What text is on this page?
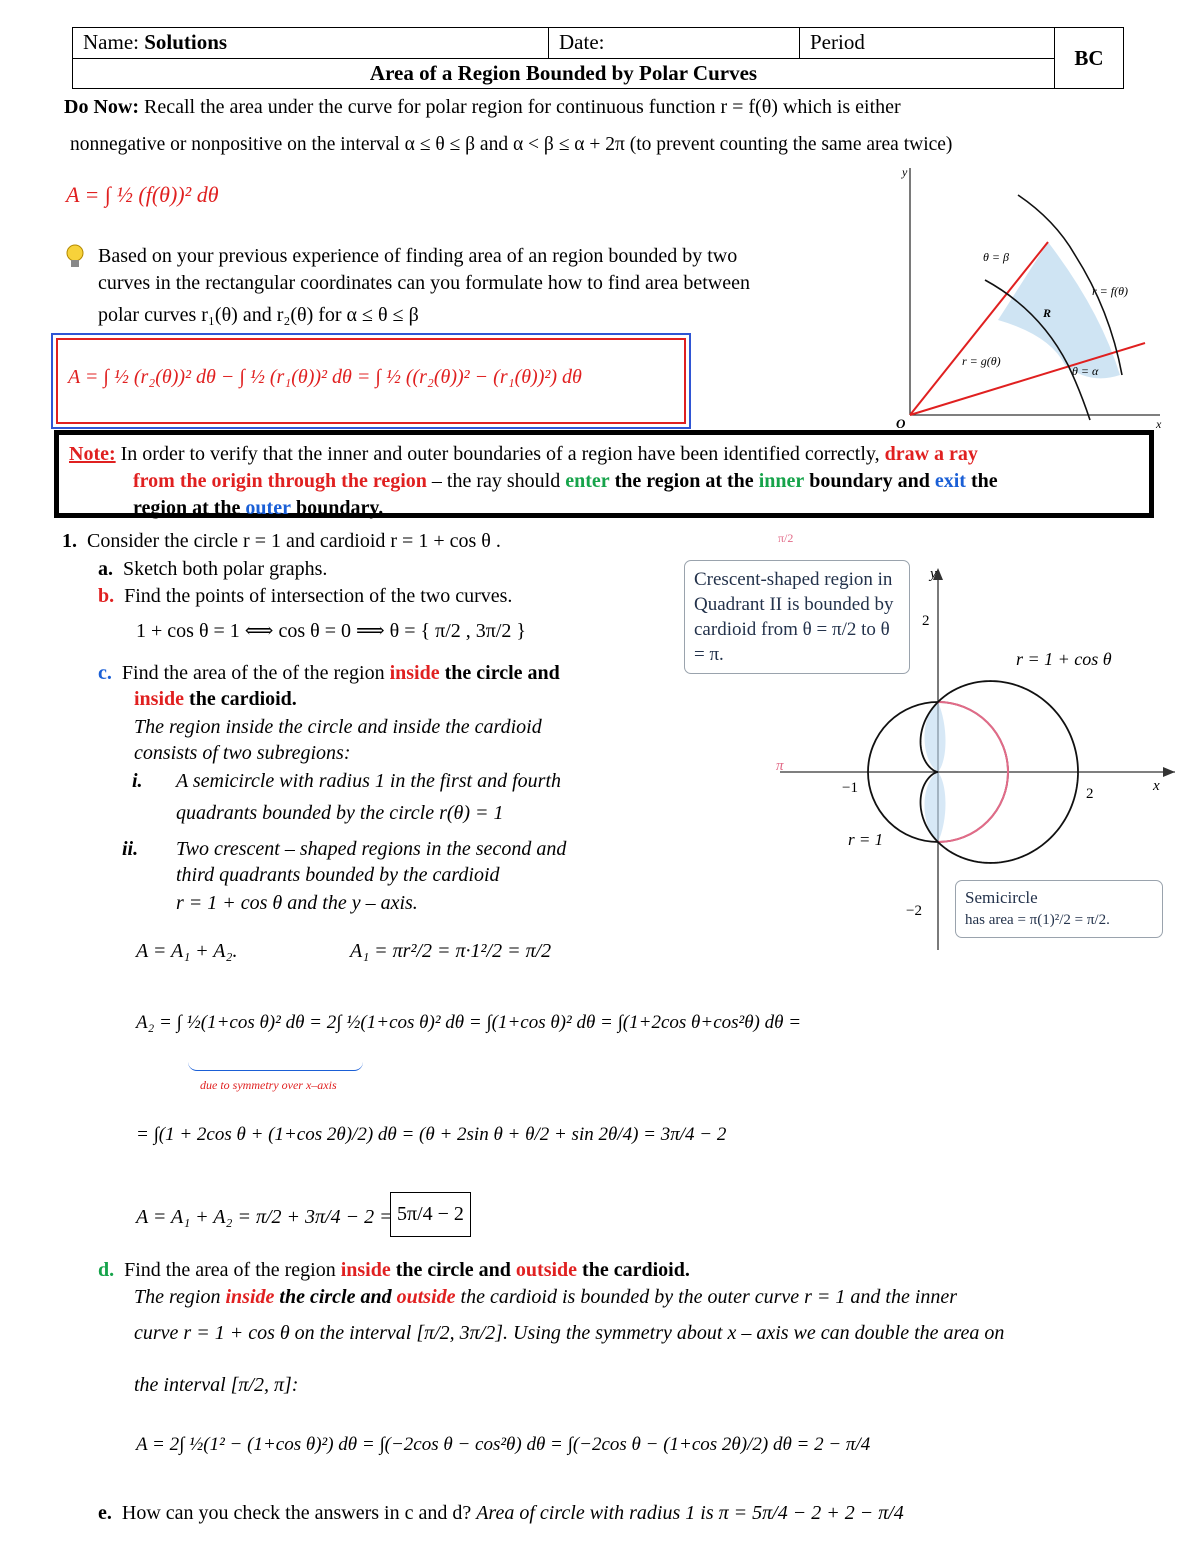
Name: Solutions	Date:	Period	BC
Area of a Region Bounded by Polar Curves
Do Now: Recall the area under the curve for polar region for continuous function r = f(θ) which is either
nonnegative or nonpositive on the interval α ≤ θ ≤ β and α < β ≤ α + 2π (to prevent counting the same area twice)
A = ∫ ½ (f(θ))² dθ
Based on your previous experience of finding area of an region bounded by two
curves in the rectangular coordinates can you formulate how to find area between
polar curves r₁(θ) and r₂(θ) for α ≤ θ ≤ β
A = ∫ ½ (r₂(θ))² dθ − ∫ ½ (r₁(θ))² dθ = ∫ ½ ((r₂(θ))² − (r₁(θ))²) dθ
y
x
O
θ = β
θ = α
r = f(θ)
r = g(θ)
R
Note: In order to verify that the inner and outer boundaries of a region have been identified correctly, draw a ray
from the origin through the region – the ray should enter the region at the inner boundary and exit the
region at the outer boundary.
1. Consider the circle r = 1 and cardioid r = 1 + cos θ .
a. Sketch both polar graphs.
b. Find the points of intersection of the two curves.
1 + cos θ = 1 ⟺ cos θ = 0 ⟹ θ = { π/2 , 3π/2 }
c. Find the area of the of the region inside the circle and
inside the cardioid.
The region inside the circle and inside the cardioid
consists of two subregions:
i. A semicircle with radius 1 in the first and fourth
quadrants bounded by the circle r(θ) = 1
ii. Two crescent – shaped regions in the second and
third quadrants bounded by the cardioid
r = 1 + cos θ and the y – axis.
A = A₁ + A₂.	A₁ = πr²/2 = π·1²/2 = π/2
A₂ = ∫ ½(1+cos θ)² dθ = 2∫ ½(1+cos θ)² dθ = ∫(1+cos θ)² dθ = ∫(1+2cos θ+cos²θ) dθ =
due to symmetry over x–axis
= ∫(1 + 2cos θ + (1+cos 2θ)/2) dθ = (θ + 2sin θ + θ/2 + sin 2θ/4) = 3π/4 − 2
A = A₁ + A₂ = π/2 + 3π/4 − 2 = 5π/4 − 2
d. Find the area of the region inside the circle and outside the cardioid.
The region inside the circle and outside the cardioid is bounded by the outer curve r = 1 and the inner
curve r = 1 + cos θ on the interval [π/2, 3π/2]. Using the symmetry about x – axis we can double the area on
the interval [π/2, π]:
A = 2∫ ½(1² − (1+cos θ)²) dθ = ∫(−2cos θ − cos²θ) dθ = ∫(−2cos θ − (1+cos 2θ)/2) dθ = 2 − π/4
e. How can you check the answers in c and d? Area of circle with radius 1 is π = 5π/4 − 2 + 2 − π/4
Crescent-shaped region in Quadrant II is bounded by cardioid from θ = π/2 to θ = π.
π/2
π
y
x
2
−2
−1	2
r = 1 + cos θ
r = 1
Semicircle
has area = π(1)²/2 = π/2.
